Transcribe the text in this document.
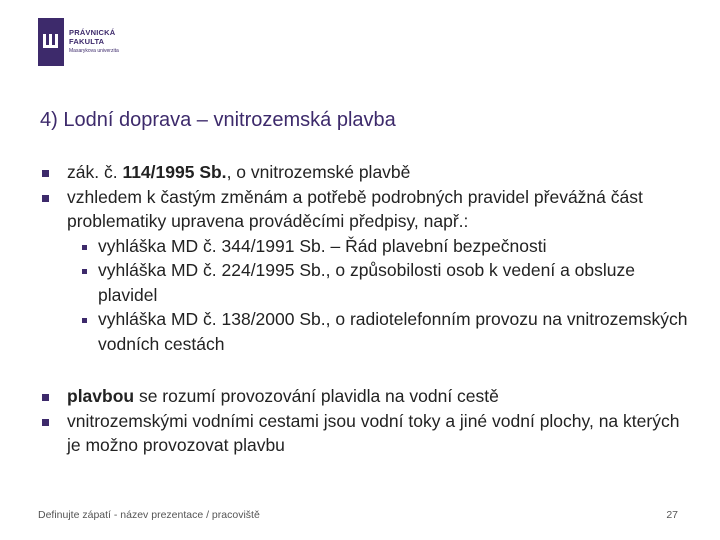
PRÁVNICKÁ
FAKULTA
Masarykova univerzita
4) Lodní doprava – vnitrozemská plavba
zák. č. 114/1995 Sb., o vnitrozemské plavbě
vzhledem k častým změnám a potřebě podrobných pravidel převážná část problematiky upravena prováděcími předpisy, např.:
vyhláška MD č. 344/1991 Sb. – Řád plavební bezpečnosti
vyhláška MD č. 224/1995 Sb., o způsobilosti osob k vedení a obsluze plavidel
vyhláška MD č. 138/2000 Sb., o radiotelefonním provozu na vnitrozemských vodních cestách
plavbou se rozumí provozování plavidla na vodní cestě
vnitrozemskými vodními cestami jsou vodní toky a jiné vodní plochy, na kterých je možno provozovat plavbu
Definujte zápatí - název prezentace / pracoviště	27
